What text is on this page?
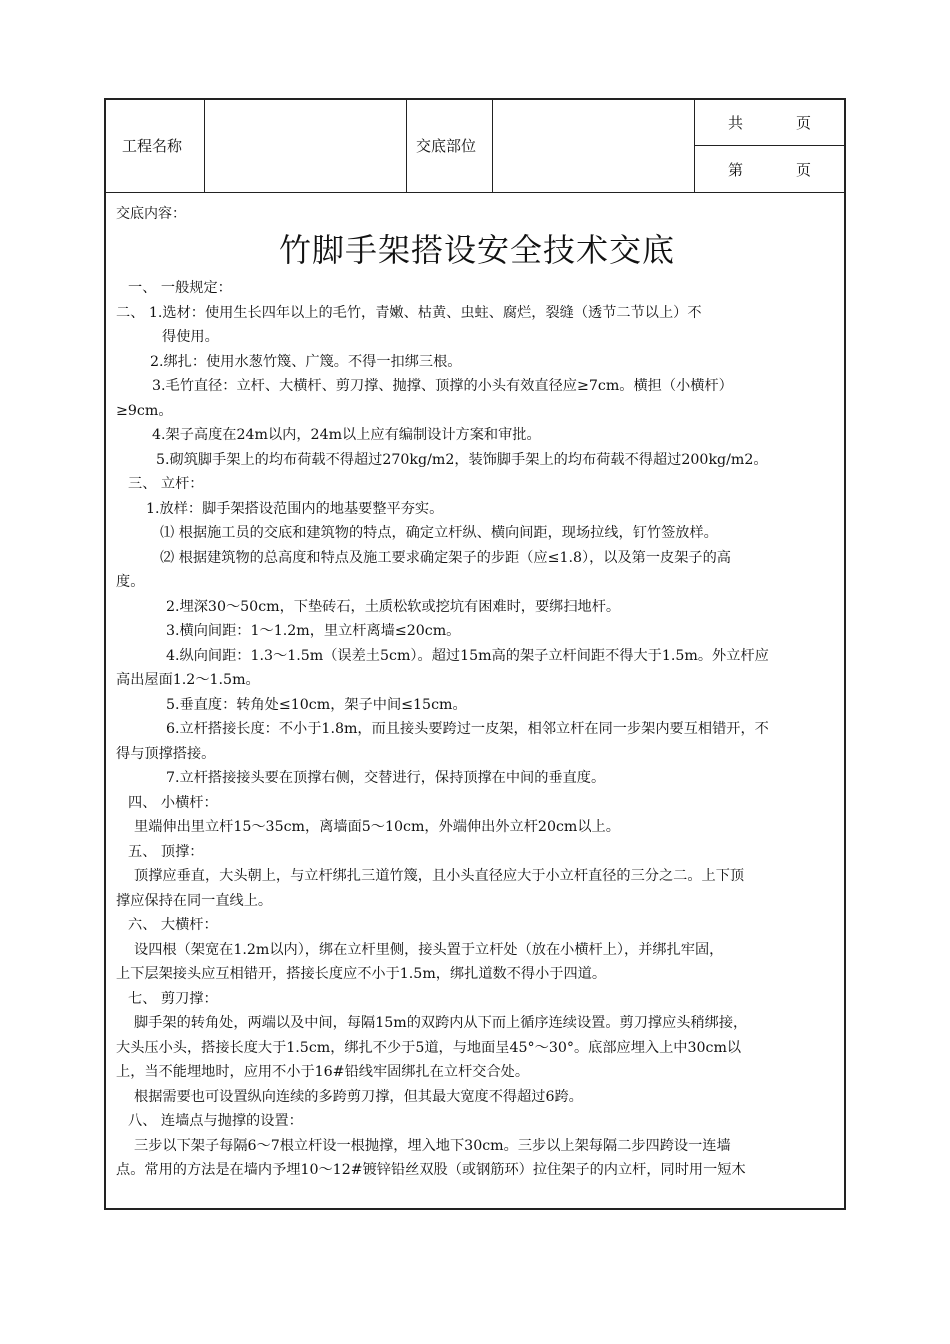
工程名称	交底部位
共	页
第	页
交底内容：
竹脚手架搭设安全技术交底

一、 一般规定：

二、 1.选材：使用生长四年以上的毛竹，青嫩、枯黄、虫蛀、腐烂，裂缝（透节二节以上）不

得使用。

2.绑扎：使用水葱竹篾、广篾。不得一扣绑三根。

3.毛竹直径：立杆、大横杆、剪刀撑、抛撑、顶撑的小头有效直径应≥7cm。横担（小横杆）

≥9cm。

4.架子高度在24m以内，24m以上应有编制设计方案和审批。

5.砌筑脚手架上的均布荷载不得超过270kg/m2，装饰脚手架上的均布荷载不得超过200kg/m2。

三、 立杆：

1.放样：脚手架搭设范围内的地基要整平夯实。

⑴ 根据施工员的交底和建筑物的特点，确定立杆纵、横向间距，现场拉线，钉竹签放样。

⑵ 根据建筑物的总高度和特点及施工要求确定架子的步距（应≤1.8），以及第一皮架子的高

度。

2.埋深30～50cm，下垫砖石，土质松软或挖坑有困难时，要绑扫地杆。

3.横向间距：1～1.2m，里立杆离墙≤20cm。

4.纵向间距：1.3～1.5m（误差土5cm）。超过15m高的架子立杆间距不得大于1.5m。外立杆应

高出屋面1.2～1.5m。

5.垂直度：转角处≤10cm，架子中间≤15cm。

6.立杆搭接长度：不小于1.8m，而且接头要跨过一皮架，相邻立杆在同一步架内要互相错开，不

得与顶撑搭接。

7.立杆搭接接头要在顶撑右侧，交替进行，保持顶撑在中间的垂直度。

四、 小横杆：

里端伸出里立杆15～35cm，离墙面5～10cm，外端伸出外立杆20cm以上。

五、 顶撑：

顶撑应垂直，大头朝上，与立杆绑扎三道竹篾，且小头直径应大于小立杆直径的三分之二。上下顶

撑应保持在同一直线上。

六、 大横杆：

设四根（架宽在1.2m以内），绑在立杆里侧，接头置于立杆处（放在小横杆上），并绑扎牢固，

上下层架接头应互相错开，搭接长度应不小于1.5m，绑扎道数不得小于四道。

七、 剪刀撑：

脚手架的转角处，两端以及中间，每隔15m的双跨内从下而上循序连续设置。剪刀撑应头稍绑接，

大头压小头，搭接长度大于1.5cm，绑扎不少于5道，与地面呈45°～30°。底部应埋入上中30cm以

上，当不能埋地时，应用不小于16#铅线牢固绑扎在立杆交合处。

根据需要也可设置纵向连续的多跨剪刀撑，但其最大宽度不得超过6跨。

八、 连墙点与抛撑的设置：

三步以下架子每隔6～7根立杆设一根抛撑，埋入地下30cm。三步以上架每隔二步四跨设一连墙

点。常用的方法是在墙内予埋10～12#镀锌铅丝双股（或钢筋环）拉住架子的内立杆，同时用一短木
